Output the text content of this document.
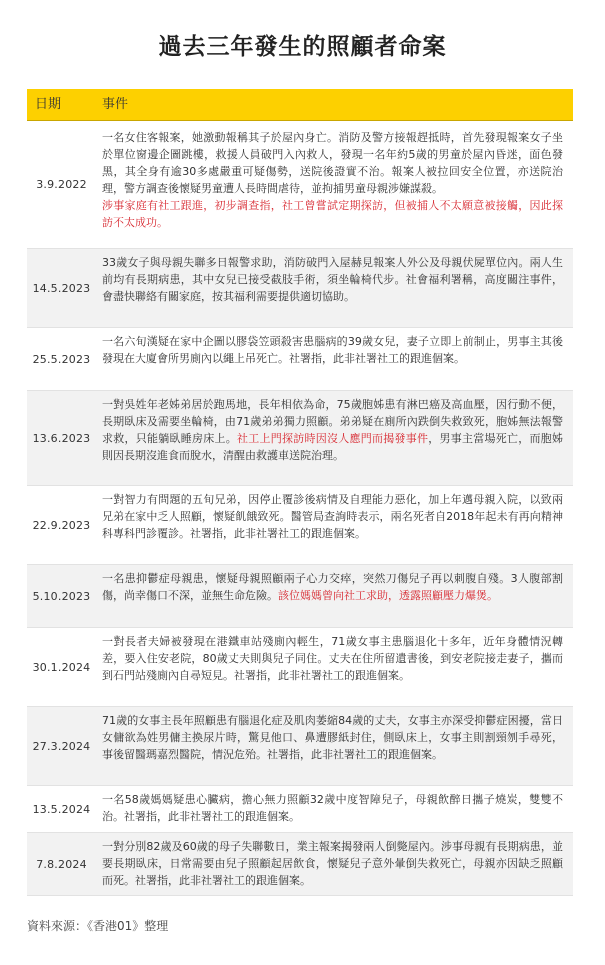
過去三年發生的照顧者命案
日期	事件
3.9.2022
一名女住客報案，她激動報稱其子於屋內身亡。消防及警方接報趕抵時，首先發現報案女子坐於單位窗邊企圖跳樓，救援人員破門入內救人，發現一名年約5歲的男童於屋內昏迷，面色發黑，其全身有逾30多處嚴重可疑傷勢，送院後證實不治。報案人被拉回安全位置，亦送院治理，警方調查後懷疑男童遭人長時間虐待，並拘捕男童母親涉嫌謀殺。
涉事家庭有社工跟進，初步調查指，社工曾嘗試定期探訪，但被捕人不太願意被接觸，因此探訪不太成功。
14.5.2023
33歲女子與母親失聯多日報警求助，消防破門入屋赫見報案人外公及母親伏屍單位內。兩人生前均有長期病患，其中女兒已接受截肢手術，須坐輪椅代步。社會福利署稱，高度關注事件，會盡快聯絡有關家庭，按其福利需要提供適切協助。
25.5.2023
一名六旬漢疑在家中企圖以膠袋笠頭殺害患腦病的39歲女兒，妻子立即上前制止，男事主其後發現在大廈會所男廁內以繩上吊死亡。社署指，此非社署社工的跟進個案。
13.6.2023
一對吳姓年老姊弟居於跑馬地，長年相依為命，75歲胞姊患有淋巴癌及高血壓，因行動不便，長期臥床及需要坐輪椅，由71歲弟弟獨力照顧。弟弟疑在廁所內跌倒失救致死，胞姊無法報警求救，只能躺臥睡房床上。社工上門探訪時因沒人應門而揭發事件，男事主當場死亡，而胞姊則因長期沒進食而脫水，清醒由救護車送院治理。
22.9.2023
一對智力有問題的五旬兄弟，因停止覆診後病情及自理能力惡化，加上年邁母親入院，以致兩兄弟在家中乏人照顧，懷疑飢餓致死。醫管局查詢時表示，兩名死者自2018年起未有再向精神科專科門診覆診。社署指，此非社署社工的跟進個案。
5.10.2023
一名患抑鬱症母親患，懷疑母親照顧兩子心力交瘁，突然刀傷兒子再以刺腹自殘。3人腹部割傷，尚幸傷口不深，並無生命危險。該位媽媽曾向社工求助，透露照顧壓力爆煲。
30.1.2024
一對長者夫婦被發現在港鐵車站殘廁內輕生，71歲女事主患腦退化十多年，近年身體情況轉差，要入住安老院，80歲丈夫則與兒子同住。丈夫在住所留遺書後，到安老院接走妻子，攜而到石門站殘廁內自尋短見。社署指，此非社署社工的跟進個案。
27.3.2024
71歲的女事主長年照顧患有腦退化症及肌肉萎縮84歲的丈夫，女事主亦深受抑鬱症困擾，當日女傭欲為姓男傭主換尿片時，驚見他口、鼻遭膠紙封住，側臥床上，女事主則割頸刎手尋死，事後留醫瑪嘉烈醫院，情況危殆。社署指，此非社署社工的跟進個案。
13.5.2024
一名58歲媽媽疑患心臟病，擔心無力照顧32歲中度智障兒子，母親飲醉日攜子燒炭，雙雙不治。社署指，此非社署社工的跟進個案。
7.8.2024
一對分別82歲及60歲的母子失聯數日，業主報案揭發兩人倒斃屋內。涉事母親有長期病患，並要長期臥床，日常需要由兒子照顧起居飲食，懷疑兒子意外暈倒失救死亡，母親亦因缺乏照顧而死。社署指，此非社署社工的跟進個案。
資料來源：《香港01》整理
